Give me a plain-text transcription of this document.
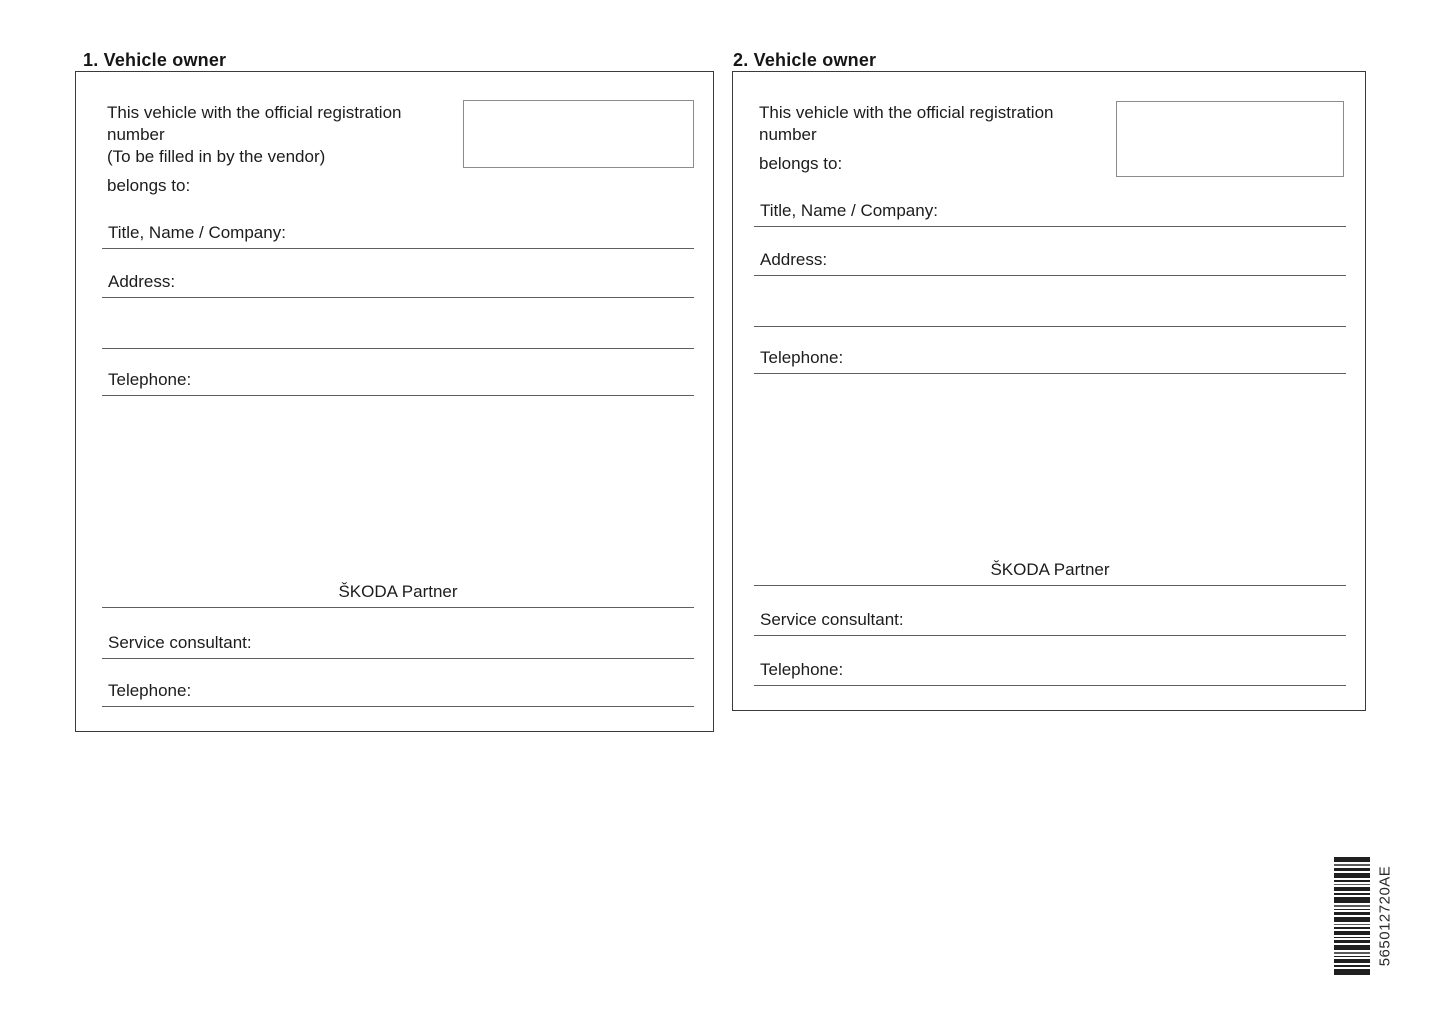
1. Vehicle owner
This vehicle with the official registration
number
(To be filled in by the vendor)
belongs to:
Title, Name / Company:
Address:
Telephone:
ŠKODA Partner
Service consultant:
Telephone:
2. Vehicle owner
This vehicle with the official registration
number
belongs to:
Title, Name / Company:
Address:
Telephone:
ŠKODA Partner
Service consultant:
Telephone:
565012720AE
